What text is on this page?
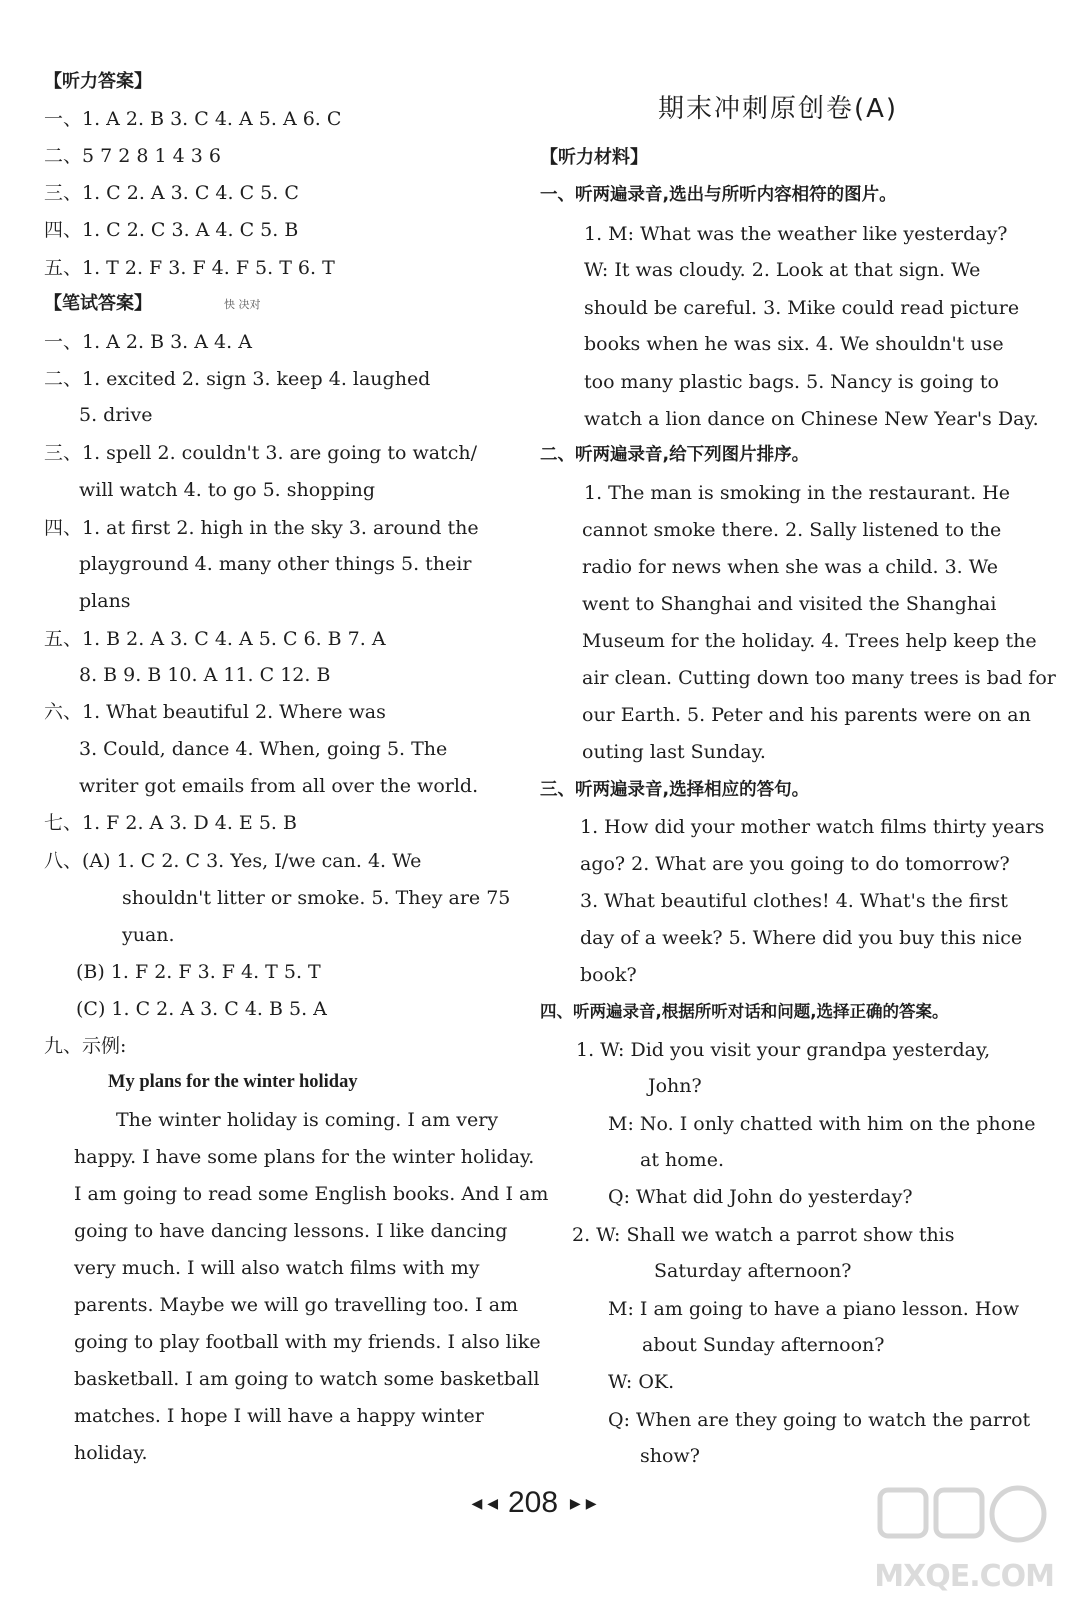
【听力答案】
一、1. A 2. B 3. C 4. A 5. A 6. C
二、5 7 2 8 1 4 3 6
三、1. C 2. A 3. C 4. C 5. C
四、1. C 2. C 3. A 4. C 5. B
五、1. T 2. F 3. F 4. F 5. T 6. T
【笔试答案】	快 决对
一、1. A 2. B 3. A 4. A
二、1. excited 2. sign 3. keep 4. laughed
5. drive
三、1. spell 2. couldn't 3. are going to watch/
will watch 4. to go 5. shopping
四、1. at first 2. high in the sky 3. around the
playground 4. many other things 5. their
plans
五、1. B 2. A 3. C 4. A 5. C 6. B 7. A
8. B 9. B 10. A 11. C 12. B
六、1. What beautiful 2. Where was
3. Could, dance 4. When, going 5. The
writer got emails from all over the world.
七、1. F 2. A 3. D 4. E 5. B
八、(A) 1. C 2. C 3. Yes, I/we can. 4. We
shouldn't litter or smoke. 5. They are 75
yuan.
(B) 1. F 2. F 3. F 4. T 5. T
(C) 1. C 2. A 3. C 4. B 5. A
九、示例:
My plans for the winter holiday
The winter holiday is coming. I am very
happy. I have some plans for the winter holiday.
I am going to read some English books. And I am
going to have dancing lessons. I like dancing
very much. I will also watch films with my
parents. Maybe we will go travelling too. I am
going to play football with my friends. I also like
basketball. I am going to watch some basketball
matches. I hope I will have a happy winter
holiday.
期末冲刺原创卷(A)
【听力材料】
一、听两遍录音,选出与所听内容相符的图片。
1. M: What was the weather like yesterday?
W: It was cloudy. 2. Look at that sign. We
should be careful. 3. Mike could read picture
books when he was six. 4. We shouldn't use
too many plastic bags. 5. Nancy is going to
watch a lion dance on Chinese New Year's Day.
二、听两遍录音,给下列图片排序。
1. The man is smoking in the restaurant. He
cannot smoke there. 2. Sally listened to the
radio for news when she was a child. 3. We
went to Shanghai and visited the Shanghai
Museum for the holiday. 4. Trees help keep the
air clean. Cutting down too many trees is bad for
our Earth. 5. Peter and his parents were on an
outing last Sunday.
三、听两遍录音,选择相应的答句。
1. How did your mother watch films thirty years
ago? 2. What are you going to do tomorrow?
3. What beautiful clothes! 4. What's the first
day of a week? 5. Where did you buy this nice
book?
四、听两遍录音,根据所听对话和问题,选择正确的答案。
1. W: Did you visit your grandpa yesterday,
John?
M: No. I only chatted with him on the phone
at home.
Q: What did John do yesterday?
2. W: Shall we watch a parrot show this
Saturday afternoon?
M: I am going to have a piano lesson. How
about Sunday afternoon?
W: OK.
Q: When are they going to watch the parrot
show?
◄◄ 208 ►►
MXQE.COM
